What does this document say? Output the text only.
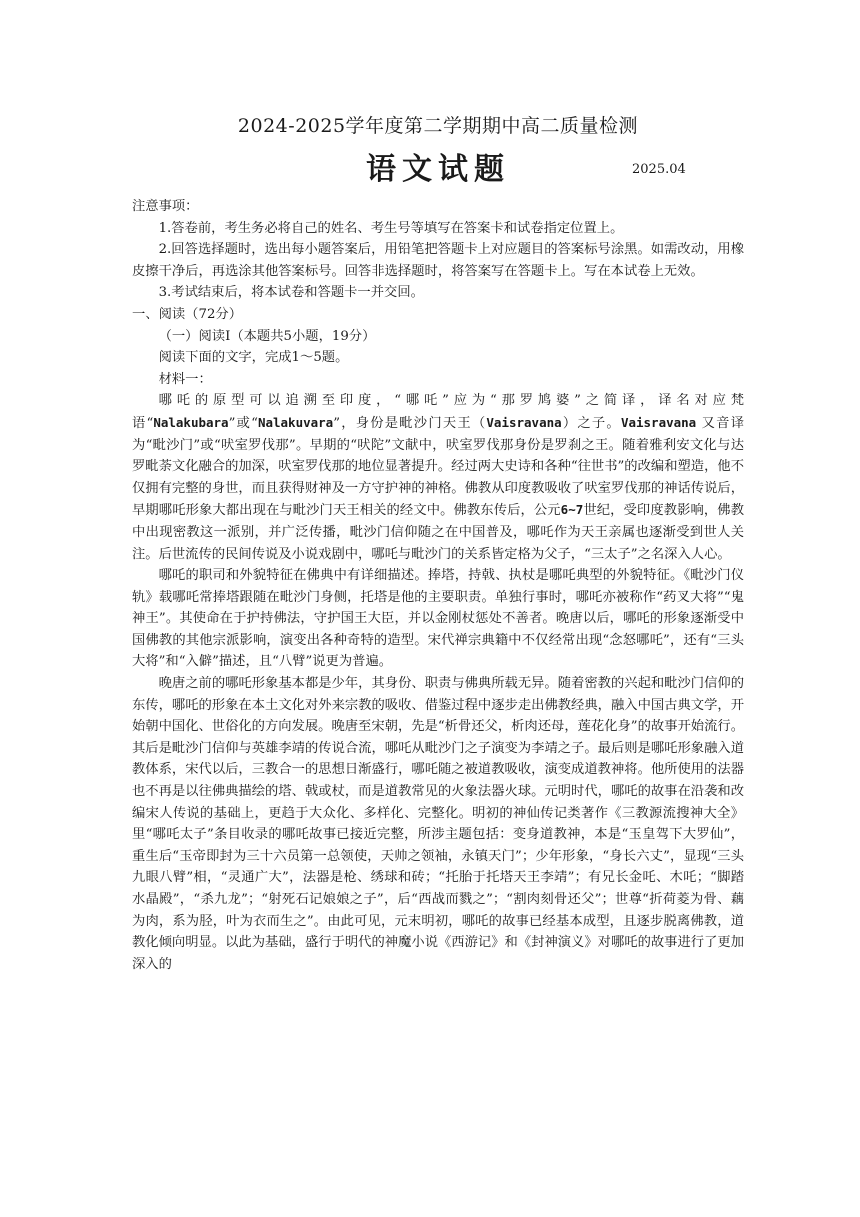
2024-2025学年度第二学期期中高二质量检测
语文试题	2025.04

注意事项：

1.答卷前，考生务必将自己的姓名、考生号等填写在答案卡和试卷指定位置上。

2.回答选择题时，选出每小题答案后，用铅笔把答题卡上对应题目的答案标号涂黑。如需改动，用橡皮擦干净后，再选涂其他答案标号。回答非选择题时，将答案写在答题卡上。写在本试卷上无效。

3.考试结束后，将本试卷和答题卡一并交回。

一、阅读（72分）

（一）阅读Ⅰ（本题共5小题，19分）

阅读下面的文字，完成1～5题。

材料一：

哪吒的原型可以追溯至印度，“哪吒”应为“那罗鸠婆”之简译，译名对应梵语“Nalakubara”或“Nalakuvara”，身份是毗沙门天王（Vaisravana）之子。Vaisravana 又音译为“毗沙门”或“吠室罗伐那”。早期的“吠陀”文献中，吠室罗伐那身份是罗刹之王。随着雅利安文化与达罗毗荼文化融合的加深，吠室罗伐那的地位显著提升。经过两大史诗和各种“往世书”的改编和塑造，他不仅拥有完整的身世，而且获得财神及一方守护神的神格。佛教从印度教吸收了吠室罗伐那的神话传说后，早期哪吒形象大都出现在与毗沙门天王相关的经文中。佛教东传后，公元6~7世纪，受印度教影响，佛教中出现密教这一派别，并广泛传播，毗沙门信仰随之在中国普及，哪吒作为天王亲属也逐渐受到世人关注。后世流传的民间传说及小说戏剧中，哪吒与毗沙门的关系皆定格为父子，“三太子”之名深入人心。

哪吒的职司和外貌特征在佛典中有详细描述。捧塔，持戟、执杖是哪吒典型的外貌特征。《毗沙门仪轨》载哪吒常捧塔跟随在毗沙门身侧，托塔是他的主要职责。单独行事时，哪吒亦被称作“药叉大将”“鬼神王”。其使命在于护持佛法，守护国王大臣，并以金刚杖惩处不善者。晚唐以后，哪吒的形象逐渐受中国佛教的其他宗派影响，演变出各种奇特的造型。宋代禅宗典籍中不仅经常出现“念怒哪吒”，还有“三头大将”和“入僻”描述，且“八臂”说更为普遍。

晚唐之前的哪吒形象基本都是少年，其身份、职责与佛典所载无异。随着密教的兴起和毗沙门信仰的东传，哪吒的形象在本土文化对外来宗教的吸收、借鉴过程中逐步走出佛教经典，融入中国古典文学，开始朝中国化、世俗化的方向发展。晚唐至宋朝，先是“析骨还父，析肉还母，莲花化身”的故事开始流行。其后是毗沙门信仰与英雄李靖的传说合流，哪吒从毗沙门之子演变为李靖之子。最后则是哪吒形象融入道教体系，宋代以后，三教合一的思想日渐盛行，哪吒随之被道教吸收，演变成道教神将。他所使用的法器也不再是以往佛典描绘的塔、戟或杖，而是道教常见的火象法器火球。元明时代，哪吒的故事在沿袭和改编宋人传说的基础上，更趋于大众化、多样化、完整化。明初的神仙传记类著作《三教源流搜神大全》里“哪吒太子”条目收录的哪吒故事已接近完整，所涉主题包括：变身道教神，本是“玉皇驾下大罗仙”，重生后“玉帝即封为三十六员第一总领使，天帅之领袖，永镇天门”；少年形象，“身长六丈”，显现“三头九眼八臂”相，“灵通广大”，法器是枪、绣球和砖；“托胎于托塔天王李靖”；有兄长金吒、木吒；“脚踏水晶殿”，“杀九龙”；“射死石记娘娘之子”，后“西战而戮之”；“割肉刻骨还父”；世尊“折荷菱为骨、藕为肉，系为胫，叶为衣而生之”。由此可见，元末明初，哪吒的故事已经基本成型，且逐步脱离佛教，道教化倾向明显。以此为基础，盛行于明代的神魔小说《西游记》和《封神演义》对哪吒的故事进行了更加深入的
